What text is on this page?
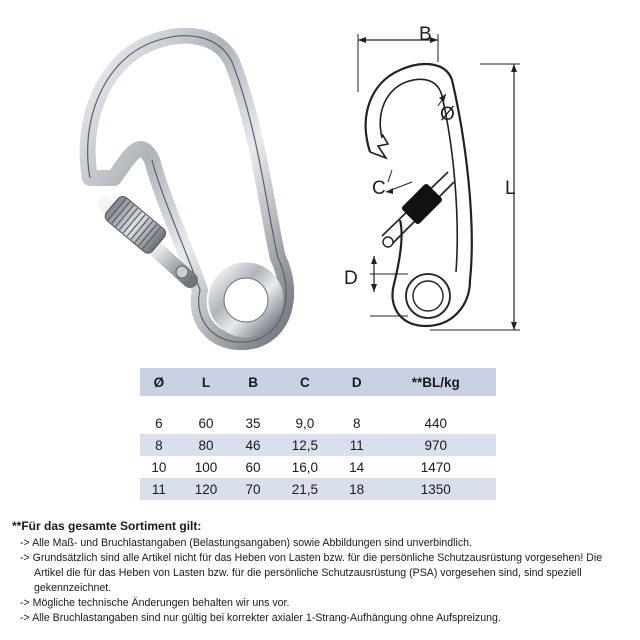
B
Ø
C	L
D
Ø	L	B	C	D	**BL/kg

6	60	35	9,0	8	440
8	80	46	12,5	11	970
10	100	60	16,0	14	1470
11	120	70	21,5	18	1350
**Für das gesamte Sortiment gilt:
-> Alle Maß- und Bruchlastangaben (Belastungsangaben) sowie Abbildungen sind unverbindlich.
-> Grundsätzlich sind alle Artikel nicht für das Heben von Lasten bzw. für die persönliche Schutzausrüstung vorgesehen! Die Artikel die für das Heben von Lasten bzw. für die persönliche Schutzausrüstung (PSA) vorgesehen sind, sind speziell gekennzeichnet.
-> Mögliche technische Änderungen behalten wir uns vor.
-> Alle Bruchlastangaben sind nur gültig bei korrekter axialer 1-Strang-Aufhängung ohne Aufspreizung.
